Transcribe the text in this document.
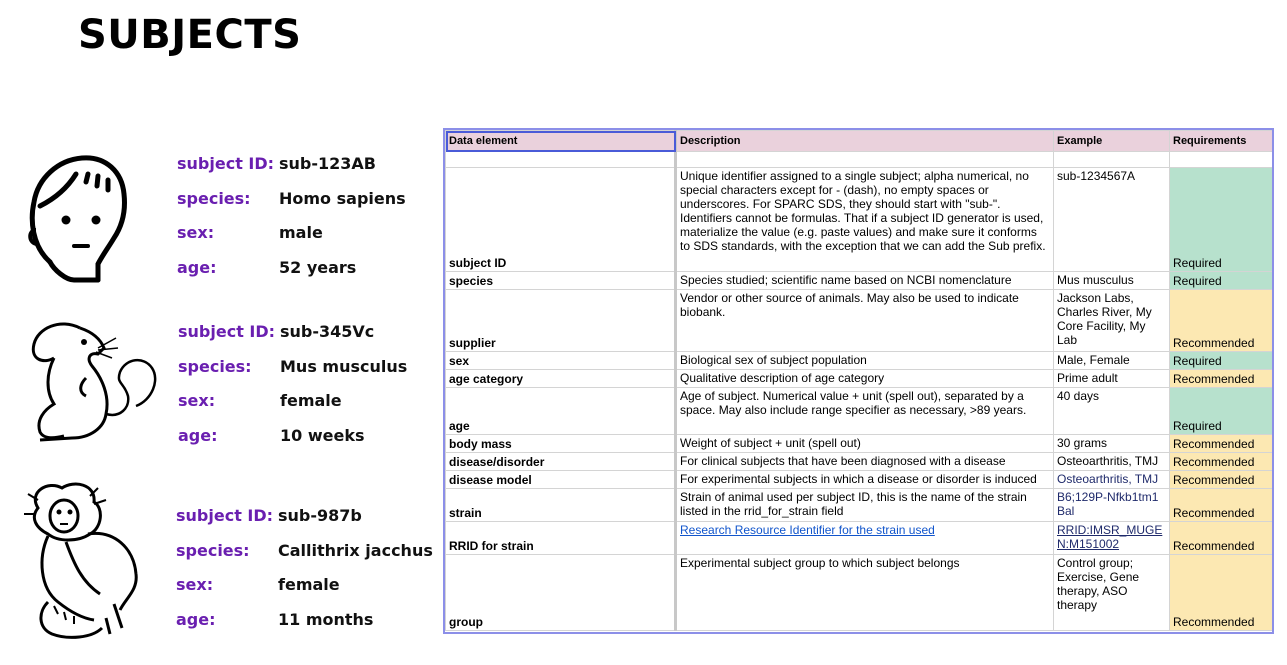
SUBJECTS
subject ID: sub-123AB
species: Homo sapiens
sex:	male
age:	52 years
subject ID: sub-345Vc
species: Mus musculus
sex:	female
age:	10 weeks
subject ID: sub-987b
species: Callithrix jacchus
sex:	female
age:	11 months
Data element	Description	Example	Requirements

subject ID	Unique identifier assigned to a single subject; alpha numerical, no special characters except for - (dash), no empty spaces or underscores. For SPARC SDS, they should start with "sub-". Identifiers cannot be formulas. That if a subject ID generator is used, materialize the value (e.g. paste values) and make sure it conforms to SDS standards, with the exception that we can add the Sub prefix.	sub-1234567A	Required
species	Species studied; scientific name based on NCBI nomenclature	Mus musculus	Required
supplier	Vendor or other source of animals. May also be used to indicate biobank.	Jackson Labs, Charles River, My Core Facility, My Lab	Recommended
sex	Biological sex of subject population	Male, Female	Required
age category	Qualitative description of age category	Prime adult	Recommended
age	Age of subject. Numerical value + unit (spell out), separated by a space. May also include range specifier as necessary, >89 years.	40 days	Required
body mass	Weight of subject + unit (spell out)	30 grams	Recommended
disease/disorder	For clinical subjects that have been diagnosed with a disease	Osteoarthritis, TMJ	Recommended
disease model	For experimental subjects in which a disease or disorder is induced	Osteoarthritis, TMJ	Recommended
strain	Strain of animal used per subject ID, this is the name of the strain listed in the rrid_for_strain field	B6;129P-Nfkb1tm1Bal	Recommended
RRID for strain	Research Resource Identifier for the strain used	RRID:IMSR_MUGEN:M151002	Recommended
group	Experimental subject group to which subject belongs	Control group; Exercise, Gene therapy, ASO therapy	Recommended
